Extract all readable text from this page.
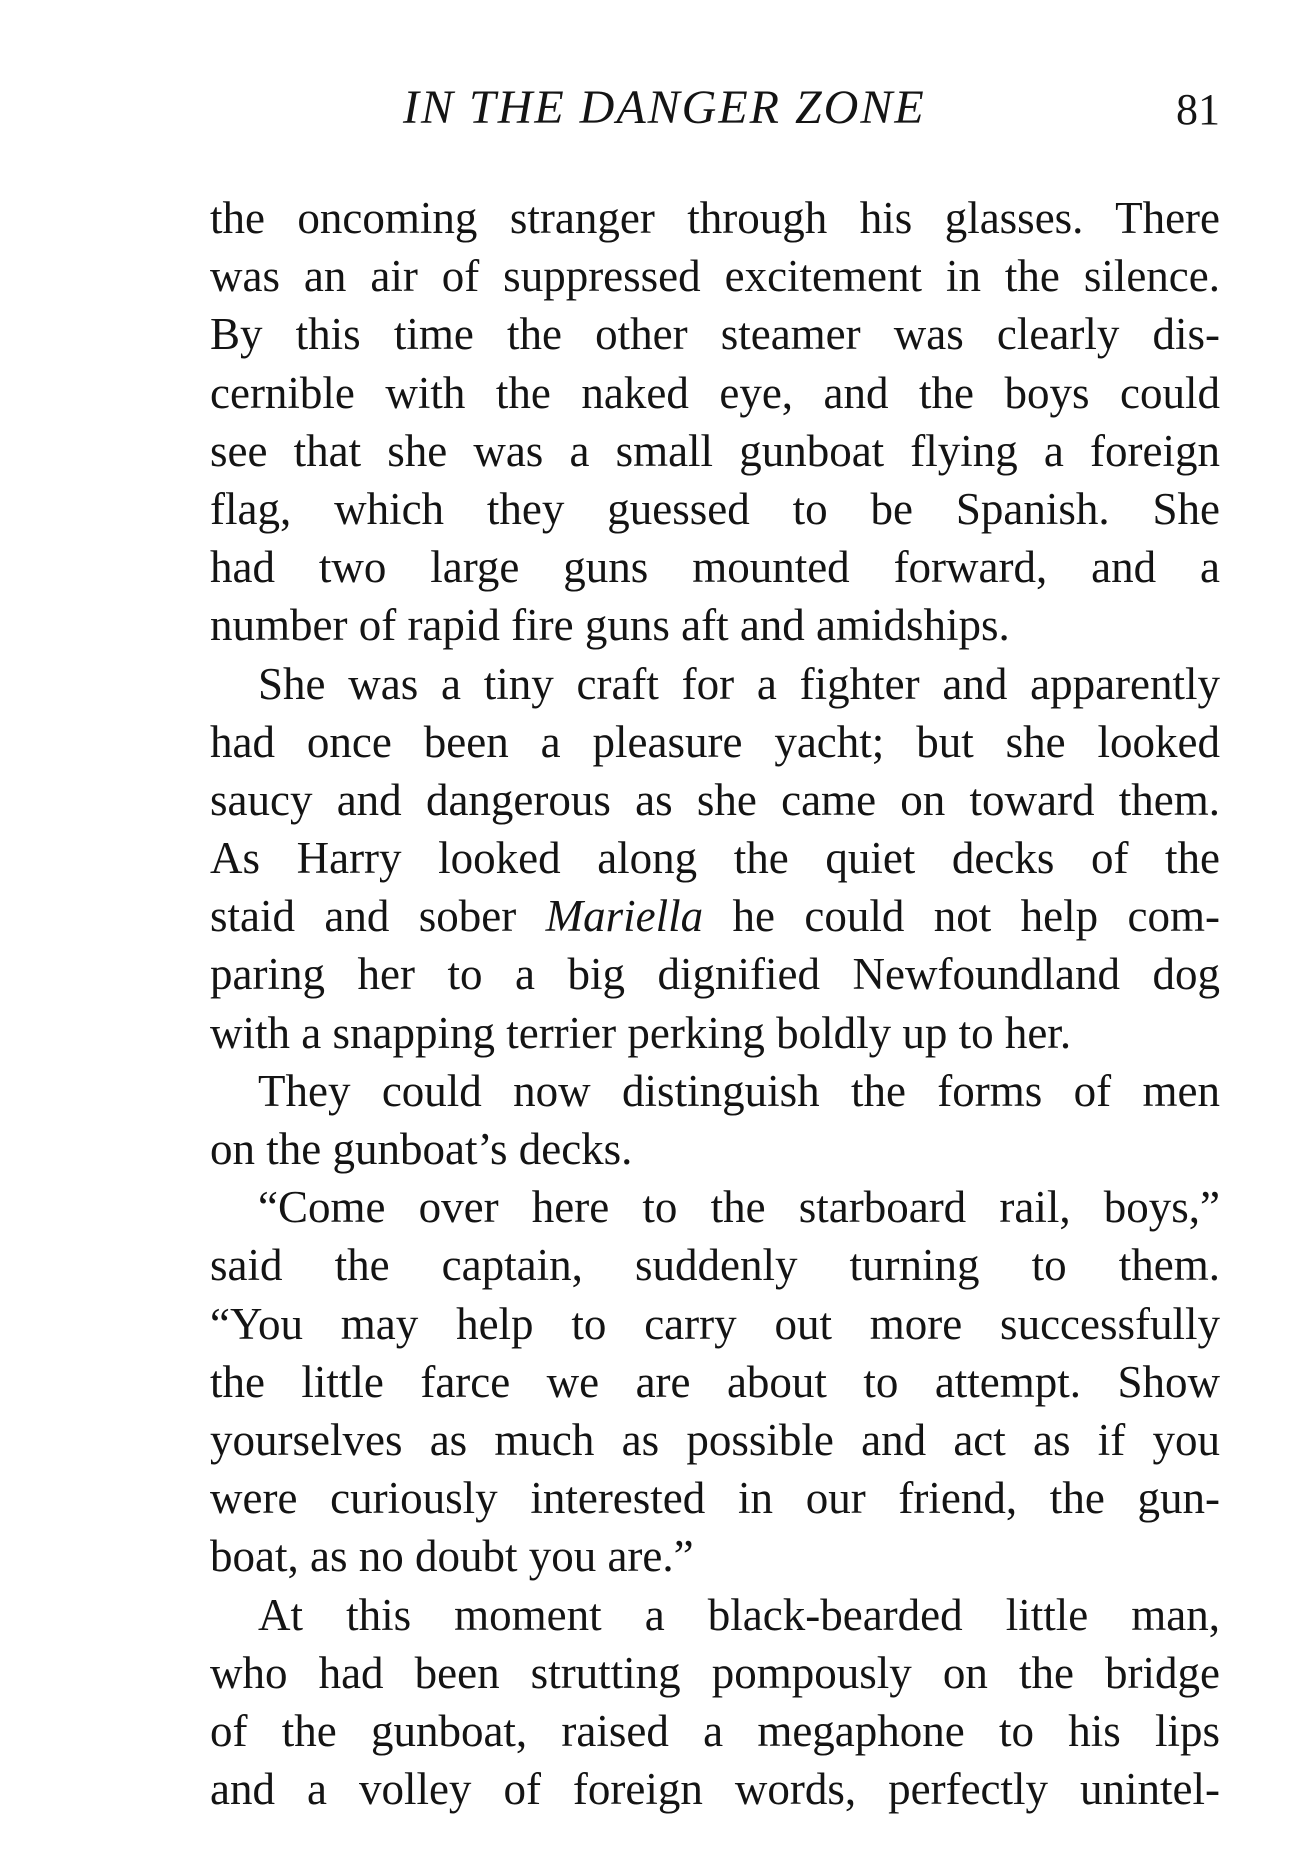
IN THE DANGER ZONE	81
the oncoming stranger through his glasses. There
was an air of suppressed excitement in the silence.
By this time the other steamer was clearly dis-
cernible with the naked eye, and the boys could
see that she was a small gunboat flying a foreign
flag, which they guessed to be Spanish. She
had two large guns mounted forward, and a
number of rapid fire guns aft and amidships.
She was a tiny craft for a fighter and apparently
had once been a pleasure yacht; but she looked
saucy and dangerous as she came on toward them.
As Harry looked along the quiet decks of the
staid and sober Mariella he could not help com-
paring her to a big dignified Newfoundland dog
with a snapping terrier perking boldly up to her.
They could now distinguish the forms of men
on the gunboat’s decks.
“Come over here to the starboard rail, boys,”
said the captain, suddenly turning to them.
“You may help to carry out more successfully
the little farce we are about to attempt. Show
yourselves as much as possible and act as if you
were curiously interested in our friend, the gun-
boat, as no doubt you are.”
At this moment a black-bearded little man,
who had been strutting pompously on the bridge
of the gunboat, raised a megaphone to his lips
and a volley of foreign words, perfectly unintel-
